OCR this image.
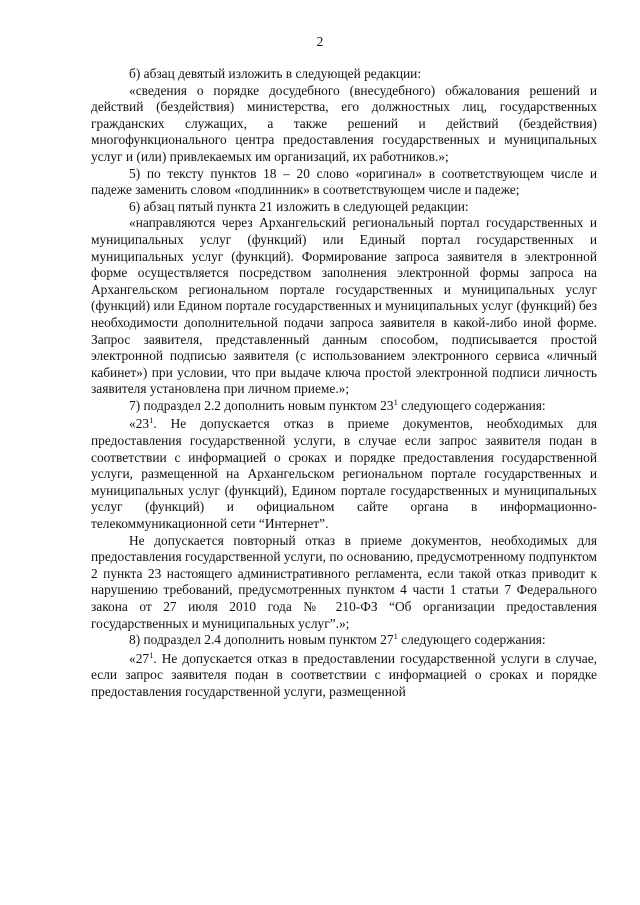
2

б) абзац девятый изложить в следующей редакции:

«сведения о порядке досудебного (внесудебного) обжалования решений и действий (бездействия) министерства, его должностных лиц, государственных гражданских служащих, а также решений и действий (бездействия) многофункционального центра предоставления государственных и муниципальных услуг и (или) привлекаемых им организаций, их работников.»;

5) по тексту пунктов 18 – 20 слово «оригинал» в соответствующем числе и падеже заменить словом «подлинник» в соответствующем числе и падеже;

6) абзац пятый пункта 21 изложить в следующей редакции:

«направляются через Архангельский региональный портал государственных и муниципальных услуг (функций) или Единый портал государственных и муниципальных услуг (функций). Формирование запроса заявителя в электронной форме осуществляется посредством заполнения электронной формы запроса на Архангельском региональном портале государственных и муниципальных услуг (функций) или Едином портале государственных и муниципальных услуг (функций) без необходимости дополнительной подачи запроса заявителя в какой-либо иной форме. Запрос заявителя, представленный данным способом, подписывается простой электронной подписью заявителя (с использованием электронного сервиса «личный кабинет») при условии, что при выдаче ключа простой электронной подписи личность заявителя установлена при личном приеме.»;

7) подраздел 2.2 дополнить новым пунктом $23^1$ следующего содержания:

«$23^1$. Не допускается отказ в приеме документов, необходимых для предоставления государственной услуги, в случае если запрос заявителя подан в соответствии с информацией о сроках и порядке предоставления государственной услуги, размещенной на Архангельском региональном портале государственных и муниципальных услуг (функций), Едином портале государственных и муниципальных услуг (функций) и официальном сайте органа в информационно-телекоммуникационной сети “Интернет”.

Не допускается повторный отказ в приеме документов, необходимых для предоставления государственной услуги, по основанию, предусмотренному подпунктом 2 пункта 23 настоящего административного регламента, если такой отказ приводит к нарушению требований, предусмотренных пунктом 4 части 1 статьи 7 Федерального закона от 27 июля 2010 года № 210-ФЗ “Об организации предоставления государственных и муниципальных услуг”.»;

8) подраздел 2.4 дополнить новым пунктом $27^1$ следующего содержания:

«$27^1$. Не допускается отказ в предоставлении государственной услуги в случае, если запрос заявителя подан в соответствии с информацией о сроках и порядке предоставления государственной услуги, размещенной
